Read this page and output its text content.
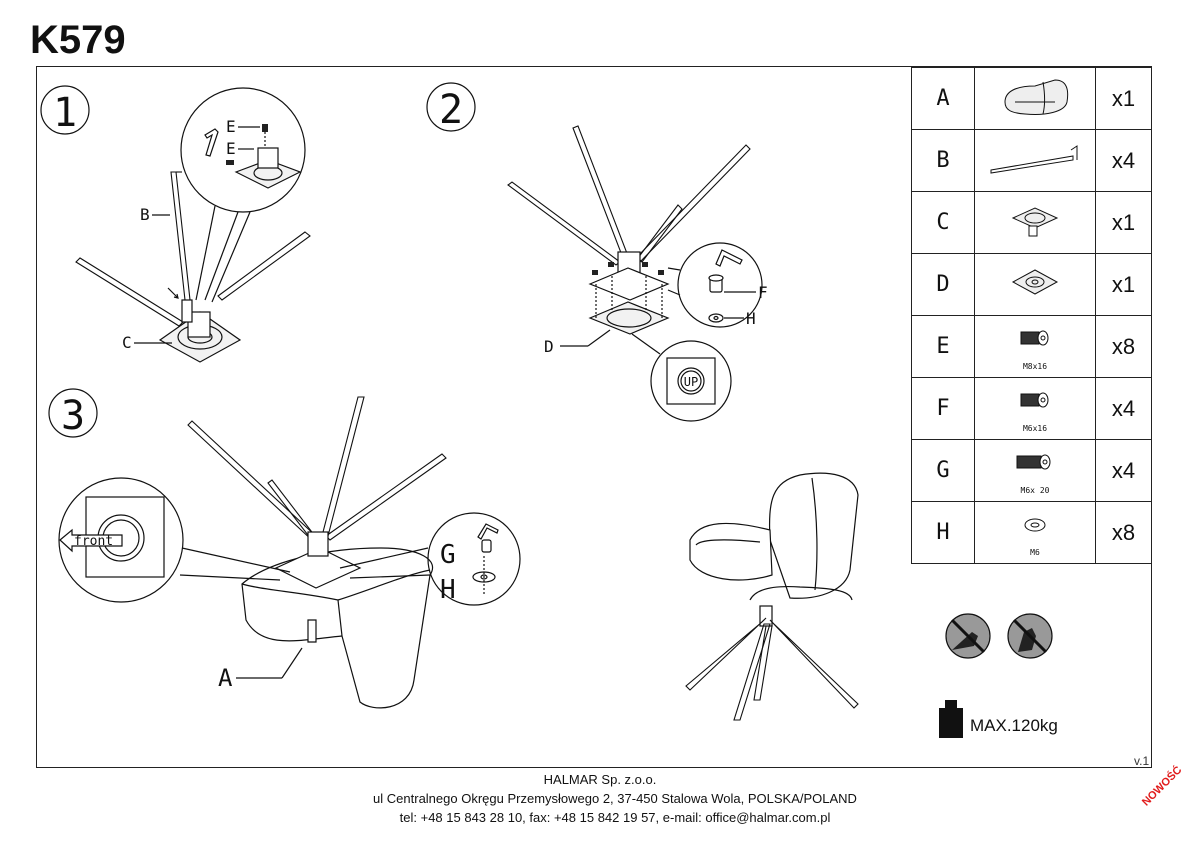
K579
1
B
C
E
E
2
D
F
H
UP
3
A
front	G
H
A		x1
B		x4
C		x1
D		x1
E	M8x16	x8
F	M6x16	x4
G	M6x 20	x4
H	M6	x8
MAX.120kg
v.1
HALMAR Sp. z.o.o.
ul Centralnego Okręgu Przemysłowego 2, 37-450 Stalowa Wola, POLSKA/POLAND
tel: +48 15 843 28 10, fax: +48 15 842 19 57, e-mail: office@halmar.com.pl
NOWOŚĆ
